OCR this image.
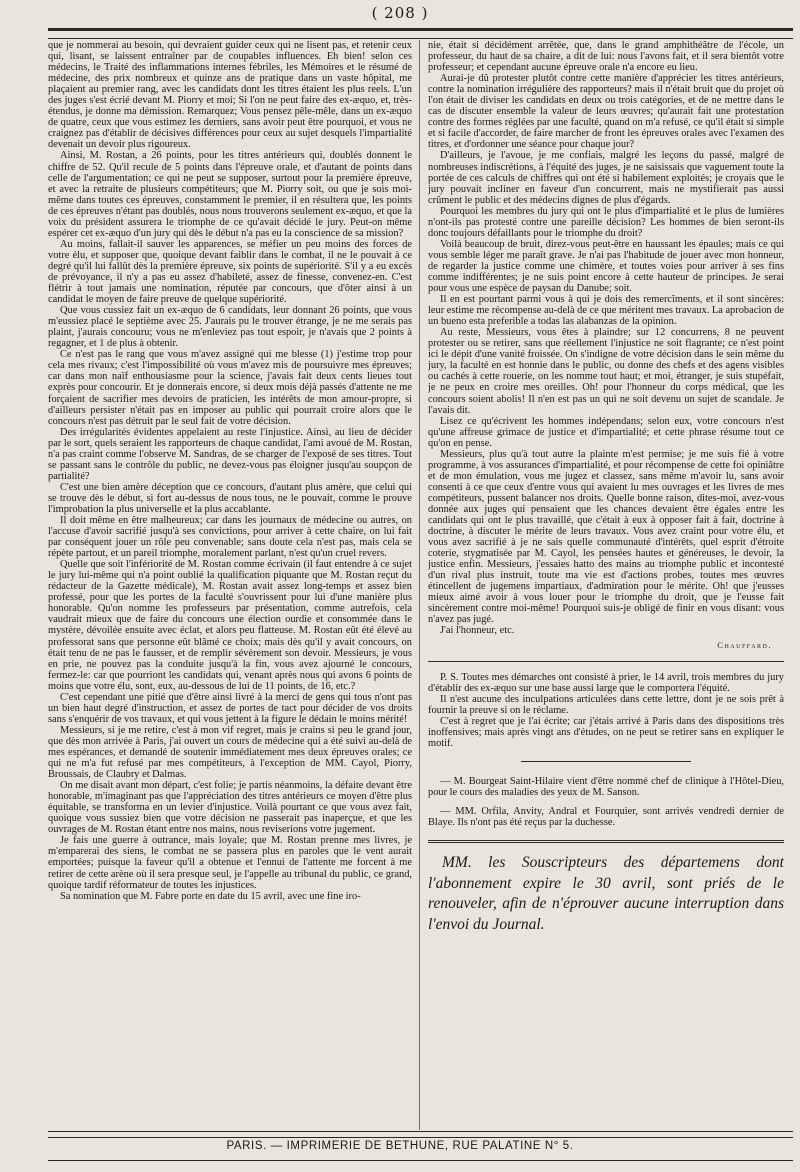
( 208 )

que je nommerai au besoin, qui devraient guider ceux qui ne lisent pas, et retenir ceux qui, lisant, se laissent entraîner par de coupables influences. Eh bien! selon ces médecins, le Traité des inflammations internes fébriles, les Mémoires et le résumé de médecine, des prix nombreux et quinze ans de pratique dans un vaste hôpital, me plaçaient au premier rang, avec les candidats dont les titres étaient les plus reels. L'un des juges s'est écrié devant M. Piorry et moi; Si l'on ne peut faire des ex-æquo, et, très-étendus, je donne ma démission. Remarquez; Vous pensez pêle-mêle, dans un ex-æquo de quatre, ceux que vous estimez les derniers, sans avoir peut être pourquoi, et vous ne craignez pas d'établir de décisives différences pour ceux au sujet desquels l'impartialité devenait un devoir plus rigoureux.

Ainsi, M. Rostan, a 26 points, pour les titres antérieurs qui, doublés donnent le chiffre de 52. Qu'il recule de 5 points dans l'épreuve orale, et d'autant de points dans celle de l'argumentation; ce qui ne peut se supposer, surtout pour la première épreuve, et avec la retraite de plusieurs compétiteurs; que M. Piorry soit, ou que je sois moi-même dans toutes ces épreuves, constamment le premier, il en résultera que, les points de ces épreuves n'étant pas doublés, nous nous trouverons seulement ex-æquo, et que la voix du président assurera le triomphe de ce qu'avait décidé le jury. Peut-on même espérer cet ex-æquo d'un jury qui dès le début n'a pas eu la conscience de sa mission?

Au moins, fallait-il sauver les apparences, se méfier un peu moins des forces de votre élu, et supposer que, quoique devant faiblir dans le combat, il ne le pouvait à ce degré qu'il lui fallût dès la première épreuve, six points de supériorité. S'il y a eu excès de prévoyance, il n'y a pas eu assez d'habileté, assez de finesse, convenez-en. C'est flétrir à tout jamais une nomination, réputée par concours, que d'ôter ainsi à un candidat le moyen de faire preuve de quelque supériorité.

Que vous cussiez fait un ex-æquo de 6 candidats, leur donnant 26 points, que vous m'eussiez placé le septième avec 25. J'aurais pu le trouver étrange, je ne me serais pas plaint, j'aurais concouru; vous ne m'enleviez pas tout espoir, je n'avais que 2 points à regagner, et 1 de plus à obtenir.

Ce n'est pas le rang que vous m'avez assigné qui me blesse (1) j'estime trop pour cela mes rivaux; c'est l'impossibilité où vous m'avez mis de poursuivre mes épreuves; car dans mon naïf enthousiasme pour la science, j'avais fait deux cents lieues tout exprès pour concourir. Et je donnerais encore, si deux mois déjà passés d'attente ne me forçaient de sacrifier mes devoirs de praticien, les intérêts de mon amour-propre, si d'ailleurs persister n'était pas en imposer au public qui pourrait croire alors que le concours n'est pas détruit par le seul fait de votre décision.

Des irrégularités évidentes appelaient au reste l'injustice. Ainsi, au lieu de décider par le sort, quels seraient les rapporteurs de chaque candidat, l'ami avoué de M. Rostan, n'a pas craint comme l'observe M. Sandras, de se charger de l'exposé de ses titres. Tout se passant sans le contrôle du public, ne devez-vous pas éloigner jusqu'au soupçon de partialité?

C'est une bien amère déception que ce concours, d'autant plus amère, que celui qui se trouve dès le début, si fort au-dessus de nous tous, ne le pouvait, comme le prouve l'improbation la plus universelle et la plus accablante.

Il doit même en être malheureux; car dans les journaux de médecine ou autres, on l'accuse d'avoir sacrifié jusqu'à ses convictions, pour arriver à cette chaire, on lui fait par conséquent jouer un rôle peu convenable; sans doute cela n'est pas, mais cela se répète partout, et un pareil triomphe, moralement parlant, n'est qu'un cruel revers.

Quelle que soit l'infériorité de M. Rostan comme écrivain (il faut entendre à ce sujet le jury lui-même qui n'a point oublié la qualification piquante que M. Rostan reçut du rédacteur de la Gazette médicale), M. Rostan avait assez long-temps et assez bien professé, pour que les portes de la faculté s'ouvrissent pour lui d'une manière plus honorable. Qu'on nomme les professeurs par présentation, comme autrefois, cela vaudrait mieux que de faire du concours une élection ourdie et consommée dans le mystère, dévoilée ensuite avec éclat, et alors peu flatteuse. M. Rostan eût été élevé au professorat sans que personne eût blâmé ce choix; mais dès qu'il y avait concours, on était tenu de ne pas le fausser, et de remplir sévèrement son devoir. Messieurs, je vous en prie, ne pouvez pas la conduite jusqu'à la fin, vous avez ajourné le concours, fermez-le: car que pourriont les candidats qui, venant après nous qui avons 6 points de moins que votre élu, sont, eux, au-dessous de lui de 11 points, de 16, etc.?

C'est cependant une pitié que d'être ainsi livré à la merci de gens qui tous n'ont pas un bien haut degré d'instruction, et assez de portes de tact pour décider de vos droits sans s'enquérir de vos travaux, et qui vous jettent à la figure le dédain le moins mérité!

Messieurs, si je me retire, c'est à mon vif regret, mais je crains si peu le grand jour, que dès mon arrivée à Paris, j'ai ouvert un cours de médecine qui a été suivi au-delà de mes espérances, et demandé de soutenir immédiatement mes deux épreuves orales; ce qui ne m'a fut refusé par mes compétiteurs, à l'exception de MM. Cayol, Piorry, Broussais, de Claubry et Dalmas.

On me disait avant mon départ, c'est folie; je partis néanmoins, la défaite devant être honorable, m'imaginant pas que l'appréciation des titres antérieurs ce moyen d'être plus équitable, se transforma en un levier d'injustice. Voilà pourtant ce que vous avez fait, quoique vous sussiez bien que votre décision ne passerait pas inaperçue, et que les ouvrages de M. Rostan étant entre nos mains, nous reviserions votre jugement.

Je fais une guerre à outrance, mais loyale; que M. Rostan prenne mes livres, je m'emparerai des siens, le combat ne se passera plus en paroles que le vent aurait emportées; puisque la faveur qu'il a obtenue et l'ennui de l'attente me forcent à me retirer de cette arène où il sera presque seul, je l'appelle au tribunal du public, ce grand, quoique tardif réformateur de toutes les injustices.

Sa nomination que M. Fabre porte en date du 15 avril, avec une fine iro-

nie, était si décidément arrêtée, que, dans le grand amphithéâtre de l'école, un professeur, du haut de sa chaire, a dit de lui: nous l'avons fait, et il sera bientôt votre professeur; et cependant aucune épreuve orale n'a encore eu lieu.

Aurai-je dû protester plutôt contre cette manière d'apprécier les titres antérieurs, contre la nomination irrégulière des rapporteurs? mais il n'était bruit que du projet où l'on était de diviser les candidats en deux ou trois catégories, et de ne mettre dans le cas de discuter ensemble la valeur de leurs œuvres; qu'aurait fait une protestation contre des formes réglées par une faculté, quand on m'a refusé, ce qu'il était si simple et si facile d'accorder, de faire marcher de front les épreuves orales avec l'examen des titres, et d'ordonner une séance pour chaque jour?

D'ailleurs, je l'avoue, je me confiais, malgré les leçons du passé, malgré de nombreuses indiscrétions, à l'équité des juges, je ne saisissais que vaguement toute la portée de ces calculs de chiffres qui ont été si habilement exploités; je croyais que le jury pouvait incliner en faveur d'un concurrent, mais ne mystifierait pas aussi crûment le public et des médecins dignes de plus d'égards.

Pourquoi les membres du jury qui ont le plus d'impartialité et le plus de lumières n'ont-ils pas protesté contre une pareille décision? Les hommes de bien seront-ils donc toujours défaillants pour le triomphe du droit?

Voilà beaucoup de bruit, direz-vous peut-être en haussant les épaules; mais ce qui vous semble léger me paraît grave. Je n'ai pas l'habitude de jouer avec mon honneur, de regarder la justice comme une chimère, et toutes voies pour arriver à ses fins comme indifférentes; je ne suis point encore à cette hauteur de principes. Je serai pour vous une espèce de paysan du Danube; soit.

Il en est pourtant parmi vous à qui je dois des remercîments, et il sont sincères: leur estime me récompense au-delà de ce que méritent mes travaux. La aprobacion de un bueno esta preferible a todas las alabanzas de la opinion.

Au reste, Messieurs, vous êtes à plaindre; sur 12 concurrens, 8 ne peuvent protester ou se retirer, sans que réellement l'injustice ne soit flagrante; ce n'est point ici le dépit d'une vanité froissée. On s'indigne de votre décision dans le sein même du jury, la faculté en est honnie dans le public, ou donne des chefs et des agens visibles ou cachés à cette rouerie, on les nomme tout haut; et moi, étranger, je suis stupéfait, je ne peux en croire mes oreilles. Oh! pour l'honneur du corps médical, que les concours soient abolis! Il n'en est pas un qui ne soit devenu un sujet de scandale. Je l'avais dit.

Lisez ce qu'écrivent les hommes indépendans; selon eux, votre concours n'est qu'une affreuse grimace de justice et d'impartialité; et cette phrase résume tout ce qu'on en pense.

Messieurs, plus qu'à tout autre la plainte m'est permise; je me suis fié à votre programme, à vos assurances d'impartialité, et pour récompense de cette foi opiniâtre et de mon émulation, vous me jugez et classez, sans même m'avoir lu, sans avoir consenti à ce que ceux d'entre vous qui avaient lu mes ouvrages et les livres de mes compétiteurs, pussent balancer nos droits. Quelle bonne raison, dites-moi, avez-vous donnée aux juges qui pensaient que les chances devaient être égales entre les candidats qui ont le plus travaillé, que c'était à eux à opposer fait à fait, doctrine à doctrine, à discuter le mérite de leurs travaux. Vous avez craint pour votre élu, et vous avez sacrifié à je ne sais quelle communauté d'intérêts, quel esprit d'étroite coterie, stygmatisée par M. Cayol, les pensées hautes et généreuses, le devoir, la justice enfin. Messieurs, j'essaies hatto des mains au triomphe public et incontesté d'un rival plus instruit, toute ma vie est d'actions probes, toutes mes œuvres étincellent de jugemens impartiaux, d'admiration pour le mérite. Oh! que j'eusses mieux aimé avoir à vous louer pour le triomphe du droit, que je l'eusse fait sincèrement contre moi-même! Pourquoi suis-je obligé de finir en vous disant: vous n'avez pas jugé.

J'ai l'honneur, etc.

Chauffard.

P. S. Toutes mes démarches ont consisté à prier, le 14 avril, trois membres du jury d'établir des ex-æquo sur une base aussi large que le comportera l'équité.

Il n'est aucune des inculpations articulées dans cette lettre, dont je ne sois prêt à fournir la preuve si on le réclame.

C'est à regret que je l'ai écrite; car j'étais arrivé à Paris dans des dispositions très inoffensives; mais après vingt ans d'études, on ne peut se retirer sans en expliquer le motif.

— M. Bourgeat Saint-Hilaire vient d'être nommé chef de clinique à l'Hôtel-Dieu, pour le cours des maladies des yeux de M. Sanson.

— MM. Orfila, Anvity, Andral et Fourquier, sont arrivés vendredi dernier de Blaye. Ils n'ont pas été reçus par la duchesse.

MM. les Souscripteurs des départemens dont l'abonnement expire le 30 avril, sont priés de le renouveler, afin de n'éprouver aucune interruption dans l'envoi du Journal.

PARIS. — IMPRIMERIE DE BETHUNE, RUE PALATINE N° 5.
